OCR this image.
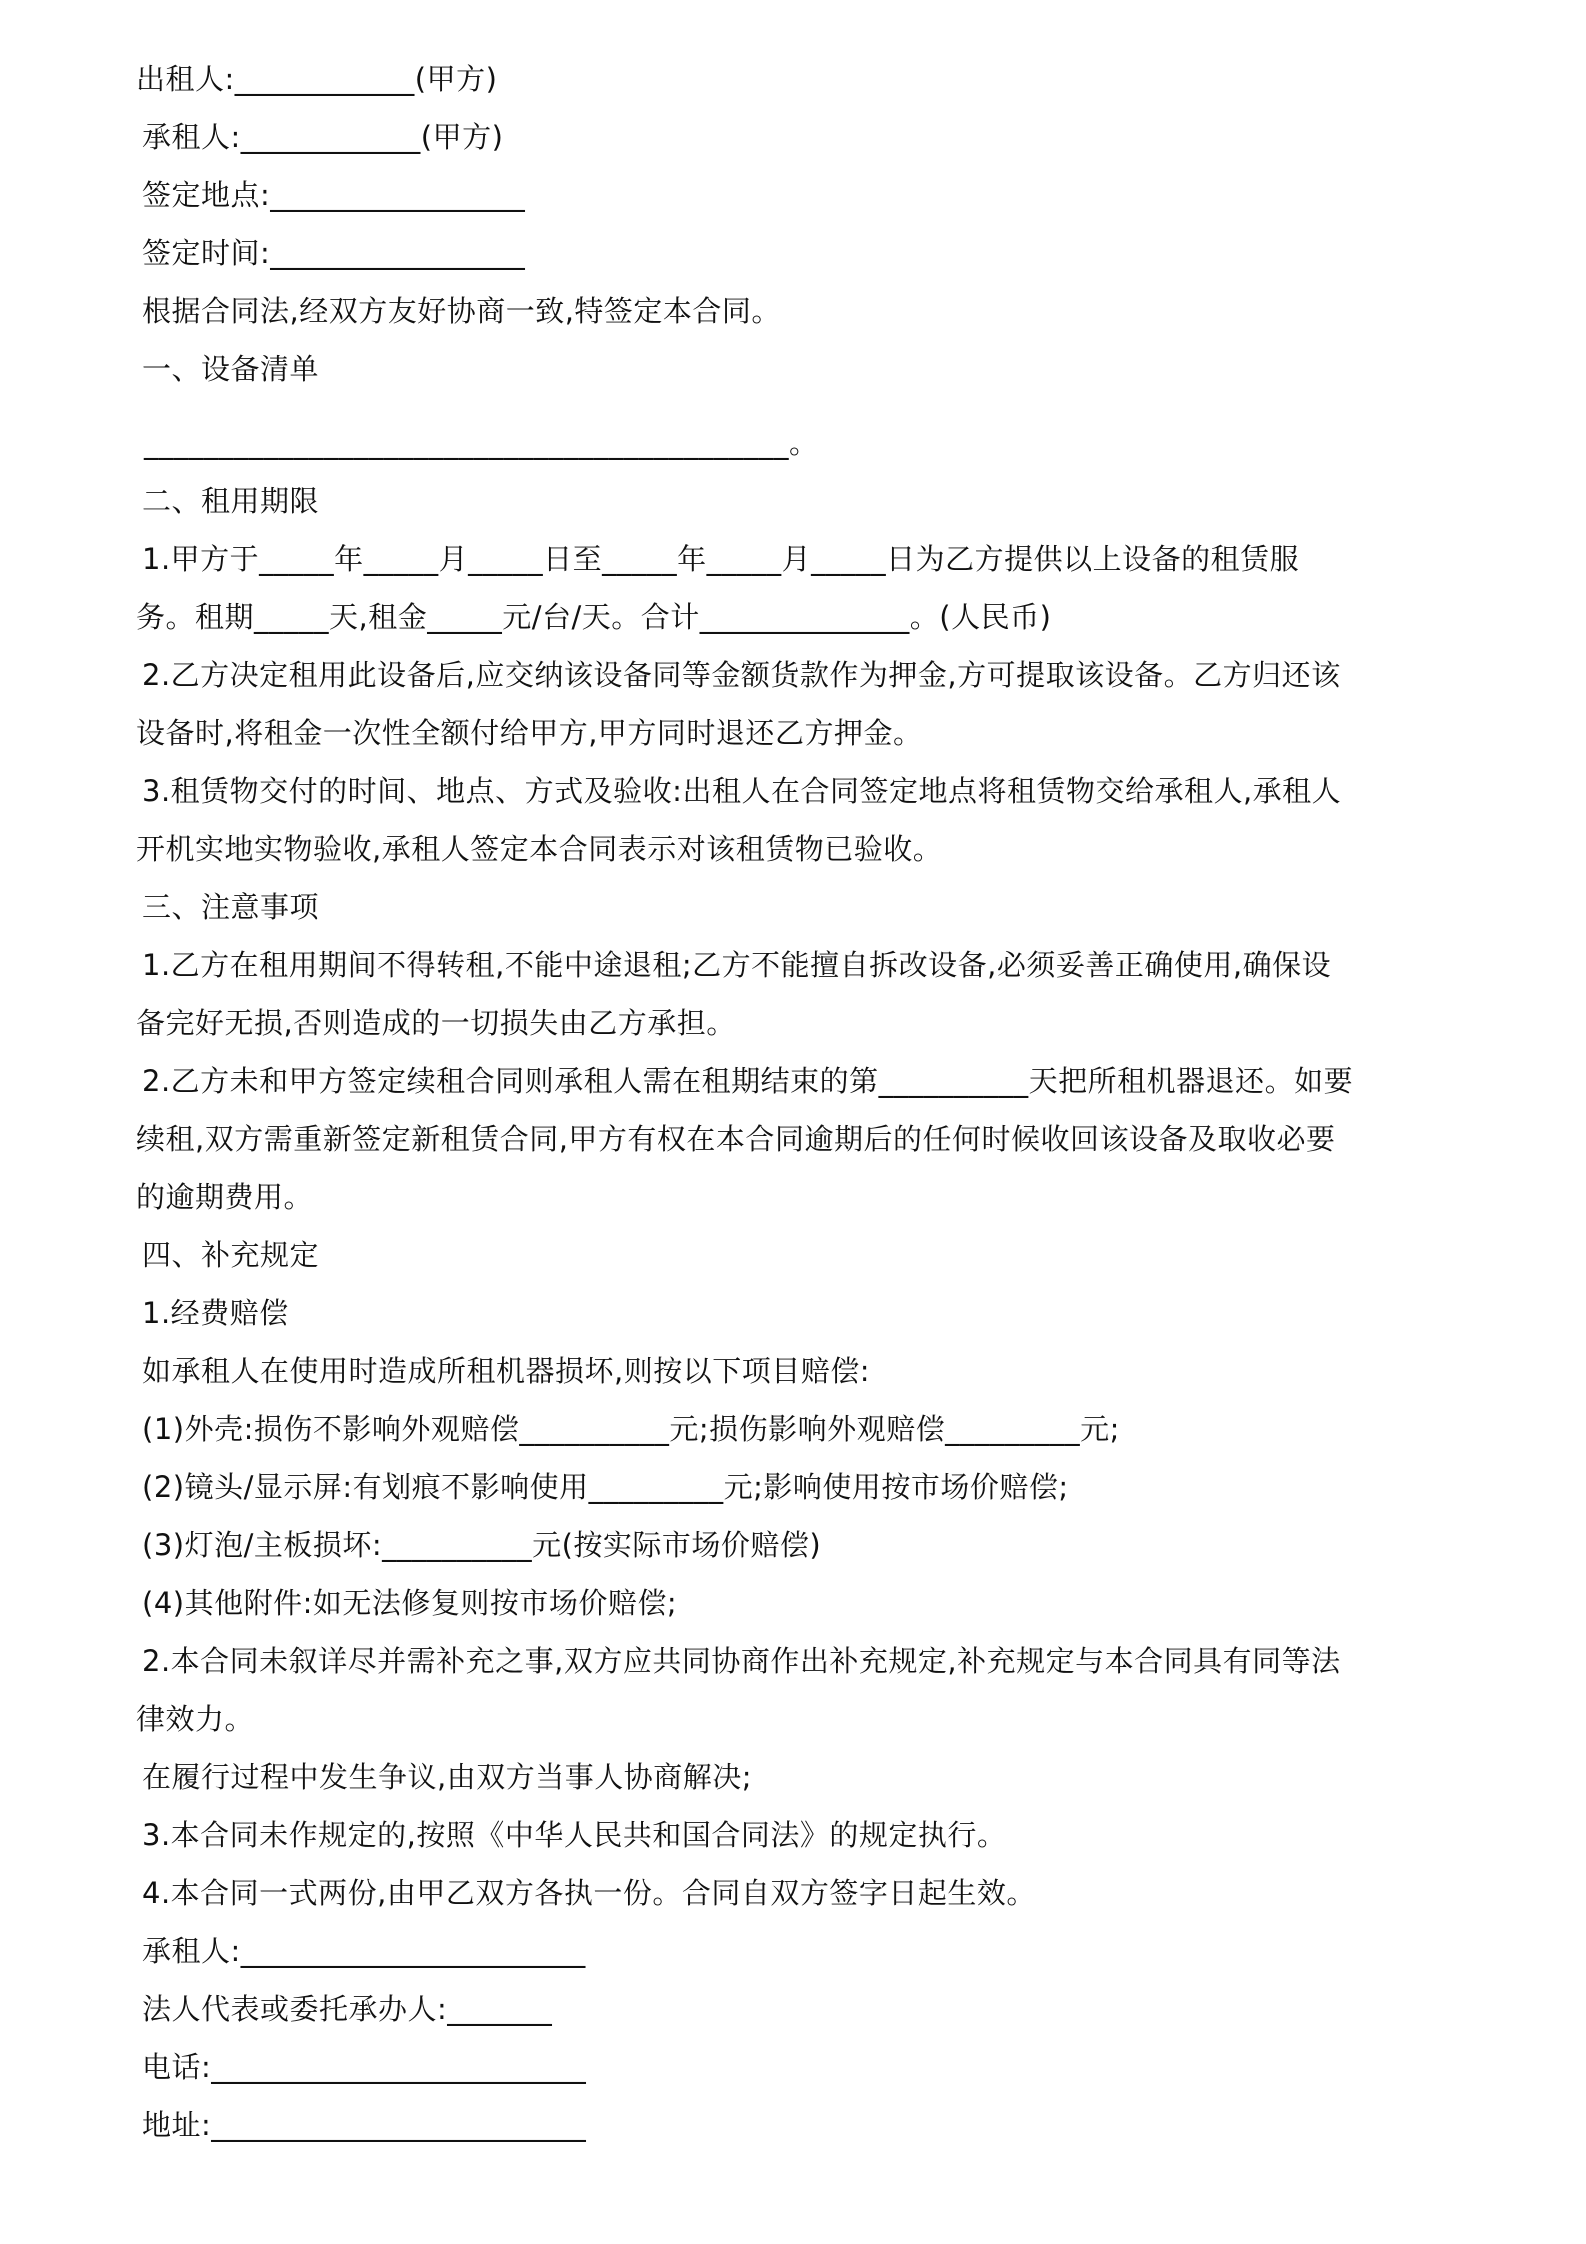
出租人:____________(甲方)
承租人:____________(甲方)
签定地点:_________________
签定时间:_________________
根据合同法,经双方友好协商一致,特签定本合同。
一、设备清单
___________________________________________。
二、租用期限
1.甲方于_____年_____月_____日至_____年_____月_____日为乙方提供以上设备的租赁服
务。租期_____天,租金_____元/台/天。合计______________。(人民币)
2.乙方决定租用此设备后,应交纳该设备同等金额货款作为押金,方可提取该设备。乙方归还该
设备时,将租金一次性全额付给甲方,甲方同时退还乙方押金。
3.租赁物交付的时间、地点、方式及验收:出租人在合同签定地点将租赁物交给承租人,承租人
开机实地实物验收,承租人签定本合同表示对该租赁物已验收。
三、注意事项
1.乙方在租用期间不得转租,不能中途退租;乙方不能擅自拆改设备,必须妥善正确使用,确保设
备完好无损,否则造成的一切损失由乙方承担。
2.乙方未和甲方签定续租合同则承租人需在租期结束的第__________天把所租机器退还。如要
续租,双方需重新签定新租赁合同,甲方有权在本合同逾期后的任何时候收回该设备及取收必要
的逾期费用。
四、补充规定
1.经费赔偿
如承租人在使用时造成所租机器损坏,则按以下项目赔偿:
(1)外壳:损伤不影响外观赔偿__________元;损伤影响外观赔偿_________元;
(2)镜头/显示屏:有划痕不影响使用_________元;影响使用按市场价赔偿;
(3)灯泡/主板损坏:__________元(按实际市场价赔偿)
(4)其他附件:如无法修复则按市场价赔偿;
2.本合同未叙详尽并需补充之事,双方应共同协商作出补充规定,补充规定与本合同具有同等法
律效力。
在履行过程中发生争议,由双方当事人协商解决;
3.本合同未作规定的,按照《中华人民共和国合同法》的规定执行。
4.本合同一式两份,由甲乙双方各执一份。合同自双方签字日起生效。
承租人:_______________________
法人代表或委托承办人:_______
电话:_________________________
地址:_________________________
